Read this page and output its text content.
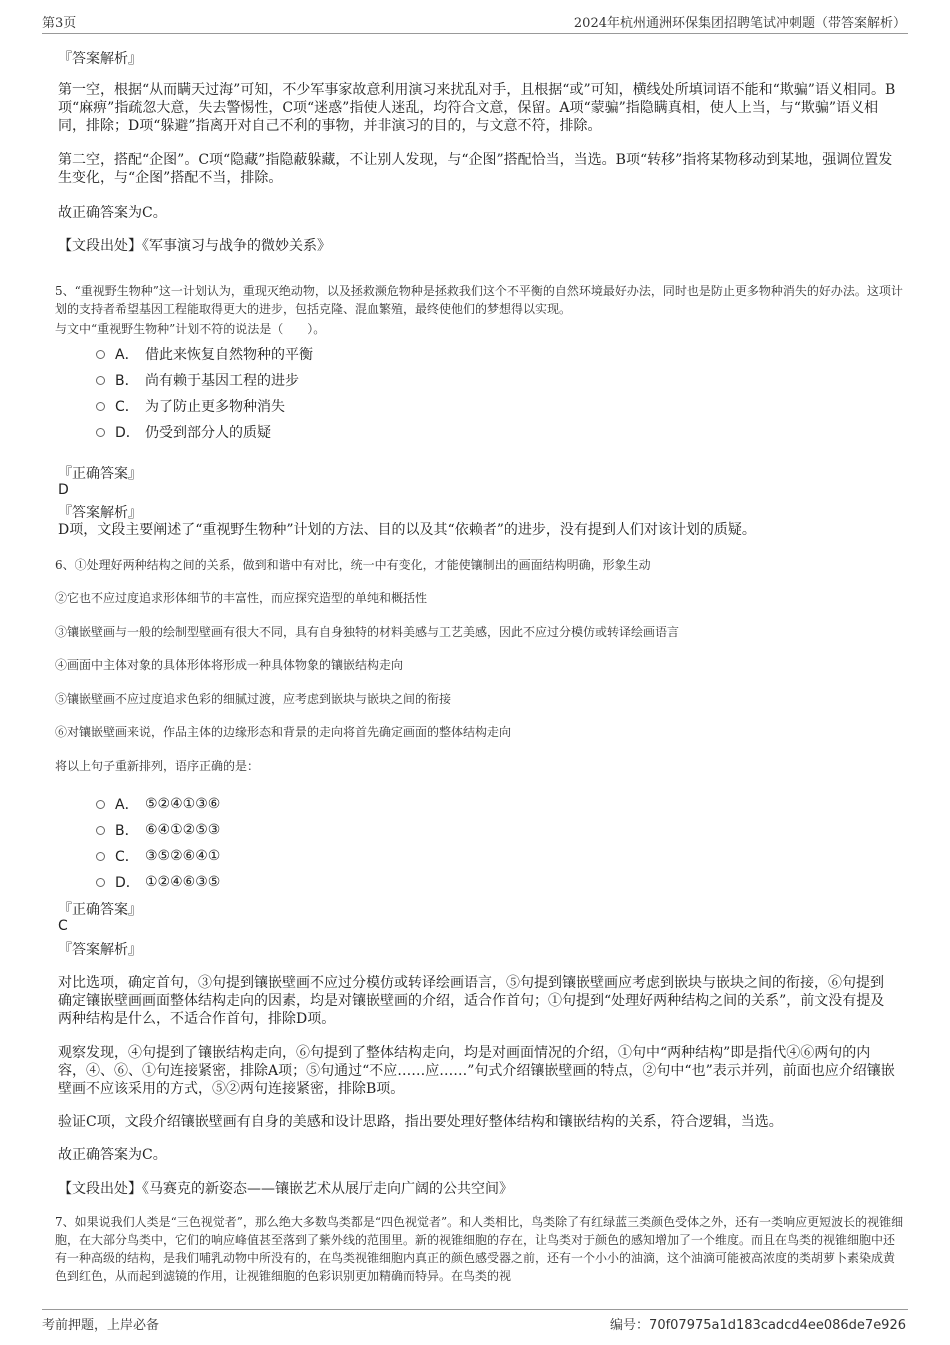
第3页	2024年杭州通洲环保集团招聘笔试冲刺题（带答案解析）
『答案解析』
第一空，根据“从而瞒天过海”可知，不少军事家故意利用演习来扰乱对手，且根据“或”可知，横线处所填词语不能和“欺骗”语义相同。B项“麻痹”指疏忽大意，失去警惕性，C项“迷惑”指使人迷乱，均符合文意，保留。A项“蒙骗”指隐瞒真相，使人上当，与“欺骗”语义相同，排除；D项“躲避”指离开对自己不利的事物，并非演习的目的，与文意不符，排除。
第二空，搭配“企图”。C项“隐藏”指隐蔽躲藏，不让别人发现，与“企图”搭配恰当，当选。B项“转移”指将某物移动到某地，强调位置发生变化，与“企图”搭配不当，排除。
故正确答案为C。
【文段出处】《军事演习与战争的微妙关系》
5、“重视野生物种”这一计划认为，重现灭绝动物，以及拯救濒危物种是拯救我们这个不平衡的自然环境最好办法，同时也是防止更多物种消失的好办法。这项计划的支持者希望基因工程能取得更大的进步，包括克隆、混血繁殖，最终使他们的梦想得以实现。
与文中“重视野生物种”计划不符的说法是（　　）。
A． 借此来恢复自然物种的平衡
B． 尚有赖于基因工程的进步
C． 为了防止更多物种消失
D． 仍受到部分人的质疑
『正确答案』
D
『答案解析』
D项，文段主要阐述了“重视野生物种”计划的方法、目的以及其“依赖者”的进步，没有提到人们对该计划的质疑。
6、①处理好两种结构之间的关系，做到和谐中有对比，统一中有变化，才能使镶制出的画面结构明确，形象生动
②它也不应过度追求形体细节的丰富性，而应探究造型的单纯和概括性
③镶嵌壁画与一般的绘制型壁画有很大不同，具有自身独特的材料美感与工艺美感，因此不应过分模仿或转译绘画语言
④画面中主体对象的具体形体将形成一种具体物象的镶嵌结构走向
⑤镶嵌壁画不应过度追求色彩的细腻过渡，应考虑到嵌块与嵌块之间的衔接
⑥对镶嵌壁画来说，作品主体的边缘形态和背景的走向将首先确定画面的整体结构走向
将以上句子重新排列，语序正确的是：
A． ⑤②④①③⑥
B． ⑥④①②⑤③
C． ③⑤②⑥④①
D． ①②④⑥③⑤
『正确答案』
C
『答案解析』
对比选项，确定首句，③句提到镶嵌壁画不应过分模仿或转译绘画语言，⑤句提到镶嵌壁画应考虑到嵌块与嵌块之间的衔接，⑥句提到确定镶嵌壁画画面整体结构走向的因素，均是对镶嵌壁画的介绍，适合作首句；①句提到“处理好两种结构之间的关系”，前文没有提及两种结构是什么，不适合作首句，排除D项。
观察发现，④句提到了镶嵌结构走向，⑥句提到了整体结构走向，均是对画面情况的介绍，①句中“两种结构”即是指代④⑥两句的内容，④、⑥、①句连接紧密，排除A项；⑤句通过“不应……应……”句式介绍镶嵌壁画的特点，②句中“也”表示并列，前面也应介绍镶嵌壁画不应该采用的方式，⑤②两句连接紧密，排除B项。
验证C项，文段介绍镶嵌壁画有自身的美感和设计思路，指出要处理好整体结构和镶嵌结构的关系，符合逻辑，当选。
故正确答案为C。
【文段出处】《马赛克的新姿态——镶嵌艺术从展厅走向广阔的公共空间》
7、如果说我们人类是“三色视觉者”，那么绝大多数鸟类都是“四色视觉者”。和人类相比，鸟类除了有红绿蓝三类颜色受体之外，还有一类响应更短波长的视锥细胞，在大部分鸟类中，它们的响应峰值甚至落到了紫外线的范围里。新的视锥细胞的存在，让鸟类对于颜色的感知增加了一个维度。而且在鸟类的视锥细胞中还有一种高级的结构，是我们哺乳动物中所没有的，在鸟类视锥细胞内真正的颜色感受器之前，还有一个小小的油滴，这个油滴可能被高浓度的类胡萝卜素染成黄色到红色，从而起到滤镜的作用，让视锥细胞的色彩识别更加精确而特异。在鸟类的视
考前押题，上岸必备	编号：70f07975a1d183cadcd4ee086de7e926
